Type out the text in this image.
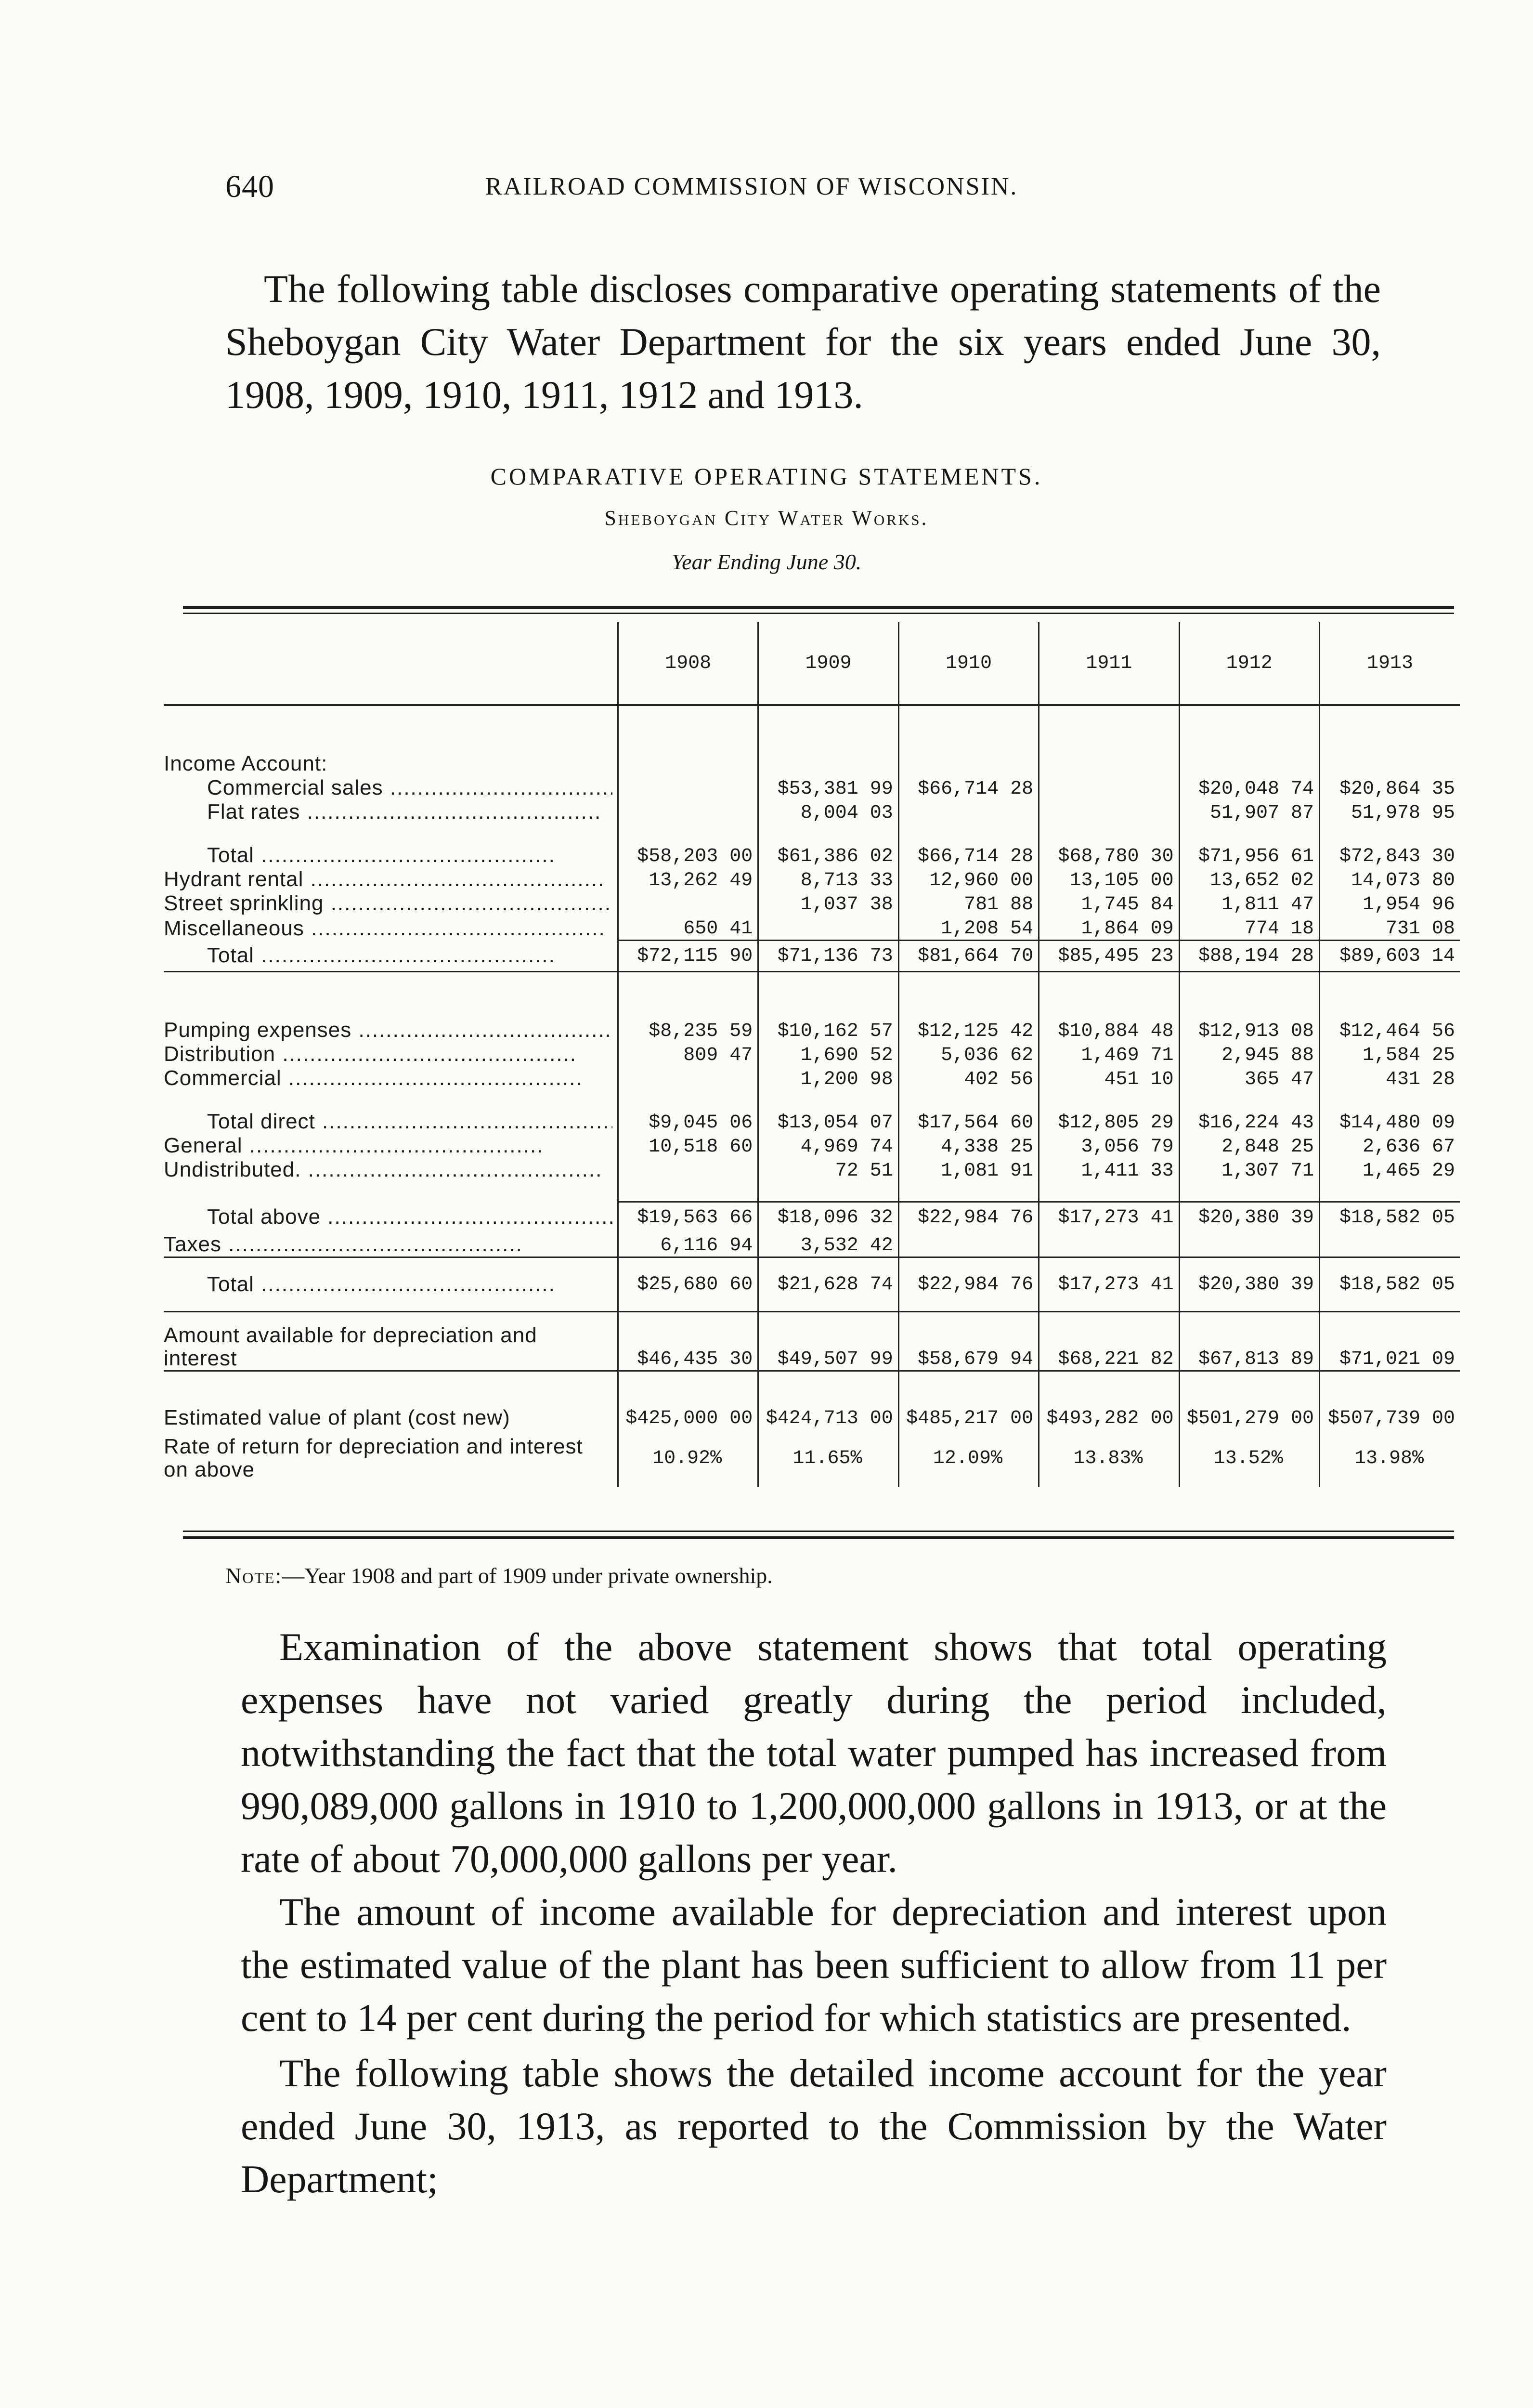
640	RAILROAD COMMISSION OF WISCONSIN.

The following table discloses comparative operating statements of the Sheboygan City Water Department for the six years ended June 30, 1908, 1909, 1910, 1911, 1912 and 1913.

COMPARATIVE OPERATING STATEMENTS.
Sheboygan City Water Works.
Year Ending June 30.
	1908	1909	1910	1911	1912	1913

Income Account:						

Commercial sales .....		$53,381 99	$66,714 28		$20,048 74	$20,864 35

Flat rates .....		8,004 03			51,907 87	51,978 95

Total .....	$58,203 00	$61,386 02	$66,714 28	$68,780 30	$71,956 61	$72,843 30

Hydrant rental .....	13,262 49	8,713 33	12,960 00	13,105 00	13,652 02	14,073 80

Street sprinkling .....		1,037 38	781 88	1,745 84	1,811 47	1,954 96

Miscellaneous .....	650 41		1,208 54	1,864 09	774 18	731 08

Total .....	$72,115 90	$71,136 73	$81,664 70	$85,495 23	$88,194 28	$89,603 14

Pumping expenses .....	$8,235 59	$10,162 57	$12,125 42	$10,884 48	$12,913 08	$12,464 56

Distribution .....	809 47	1,690 52	5,036 62	1,469 71	2,945 88	1,584 25

Commercial .....		1,200 98	402 56	451 10	365 47	431 28

Total direct .....	$9,045 06	$13,054 07	$17,564 60	$12,805 29	$16,224 43	$14,480 09

General .....	10,518 60	4,969 74	4,338 25	3,056 79	2,848 25	2,636 67

Undistributed. .....		72 51	1,081 91	1,411 33	1,307 71	1,465 29

Total above .....	$19,563 66	$18,096 32	$22,984 76	$17,273 41	$20,380 39	$18,582 05

Taxes .....	6,116 94	3,532 42				

Total .....	$25,680 60	$21,628 74	$22,984 76	$17,273 41	$20,380 39	$18,582 05
Amount available for depreciation and interest	$46,435 30	$49,507 99	$58,679 94	$68,221 82	$67,813 89	$71,021 09
Estimated value of plant (cost new)	$425,000 00	$424,713 00	$485,217 00	$493,282 00	$501,279 00	$507,739 00
Rate of return for depreciation and interest on above	10.92%	11.65%	12.09%	13.83%	13.52%	13.98%
Note:—Year 1908 and part of 1909 under private ownership.

Examination of the above statement shows that total operating expenses have not varied greatly during the period included, notwithstanding the fact that the total water pumped has increased from 990,089,000 gallons in 1910 to 1,200,000,000 gallons in 1913, or at the rate of about 70,000,000 gallons per year.

The amount of income available for depreciation and interest upon the estimated value of the plant has been sufficient to allow from 11 per cent to 14 per cent during the period for which statistics are presented.

The following table shows the detailed income account for the year ended June 30, 1913, as reported to the Commission by the Water Department;
